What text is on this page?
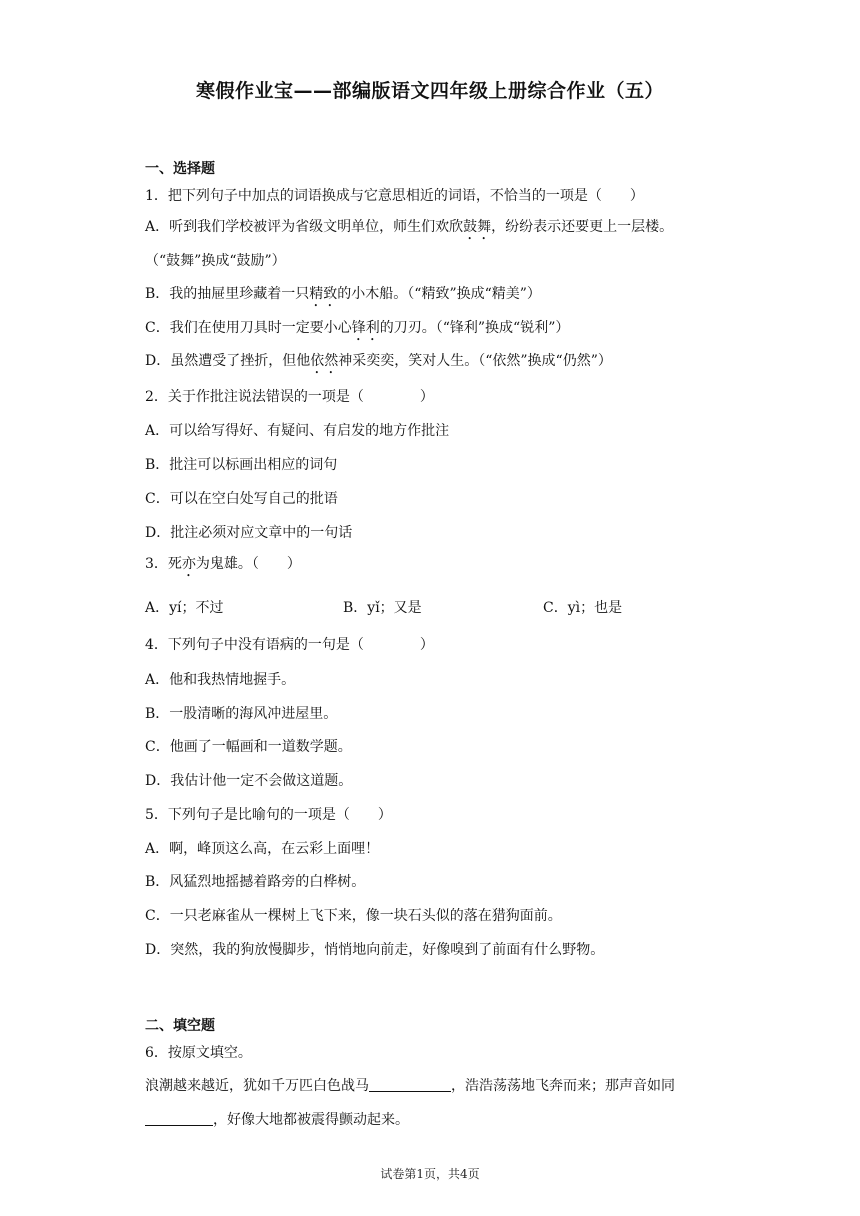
寒假作业宝——部编版语文四年级上册综合作业（五）
一、选择题
1．把下列句子中加点的词语换成与它意思相近的词语，不恰当的一项是（　　）
A．听到我们学校被评为省级文明单位，师生们欢欣鼓舞，纷纷表示还要更上一层楼。
（“鼓舞”换成“鼓励”）
B．我的抽屉里珍藏着一只精致的小木船。（“精致”换成“精美”）
C．我们在使用刀具时一定要小心锋利的刀刃。（“锋利”换成“锐利”）
D．虽然遭受了挫折，但他依然神采奕奕，笑对人生。（“依然”换成“仍然”）
2．关于作批注说法错误的一项是（　　　　）
A．可以给写得好、有疑问、有启发的地方作批注
B．批注可以标画出相应的词句
C．可以在空白处写自己的批语
D．批注必须对应文章中的一句话
3．死亦为鬼雄。（　　）
A．yí；不过	B．yǐ；又是	C．yì；也是
4．下列句子中没有语病的一句是（　　　　）
A．他和我热情地握手。
B．一股清晰的海风冲进屋里。
C．他画了一幅画和一道数学题。
D．我估计他一定不会做这道题。
5．下列句子是比喻句的一项是（　　）
A．啊，峰顶这么高，在云彩上面哩！
B．风猛烈地摇撼着路旁的白桦树。
C．一只老麻雀从一棵树上飞下来，像一块石头似的落在猎狗面前。
D．突然，我的狗放慢脚步，悄悄地向前走，好像嗅到了前面有什么野物。
二、填空题
6．按原文填空。
浪潮越来越近，犹如千万匹白色战马	，浩浩荡荡地飞奔而来；那声音如同
，好像大地都被震得颤动起来。
试卷第1页，共4页
